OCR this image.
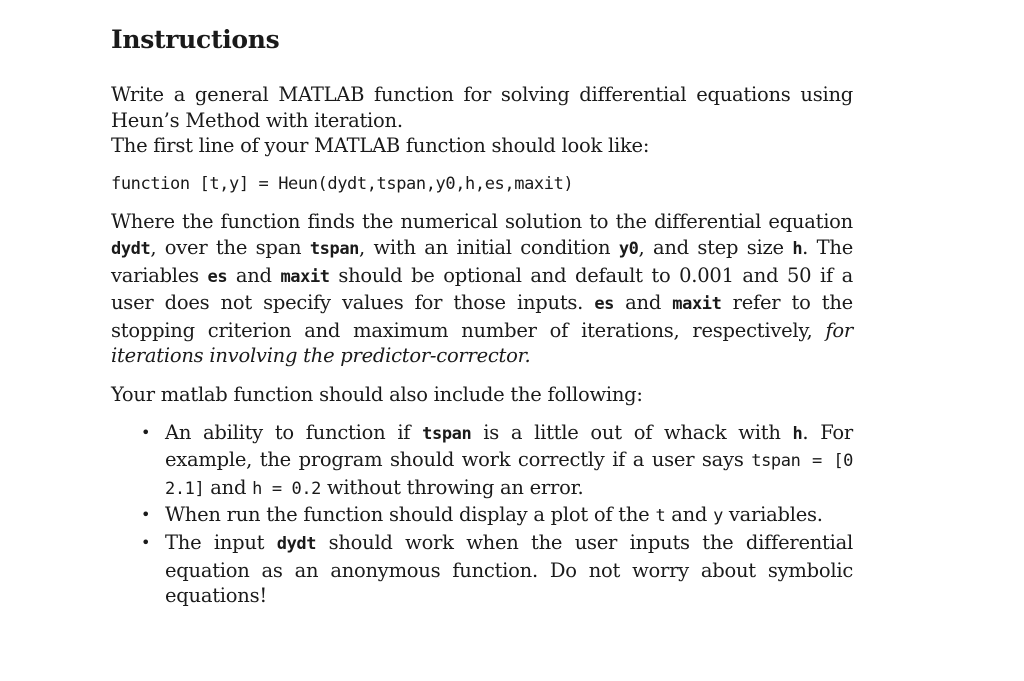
Instructions

Write a general MATLAB function for solving differential equations using Heun’s Method with iteration.
The first line of your MATLAB function should look like:

function [t,y] = Heun(dydt,tspan,y0,h,es,maxit)

Where the function finds the numerical solution to the differential equation dydt, over the span tspan, with an initial condition y0, and step size h. The variables es and maxit should be optional and default to 0.001 and 50 if a user does not specify values for those inputs. es and maxit refer to the stopping criterion and maximum number of iterations, respectively, for iterations involving the predictor-corrector.

Your matlab function should also include the following:

• An ability to function if tspan is a little out of whack with h. For example, the program should work correctly if a user says tspan = [0 2.1] and h = 0.2 without throwing an error.
• When run the function should display a plot of the t and y variables.
• The input dydt should work when the user inputs the differential equation as an anonymous function. Do not worry about symbolic equations!
